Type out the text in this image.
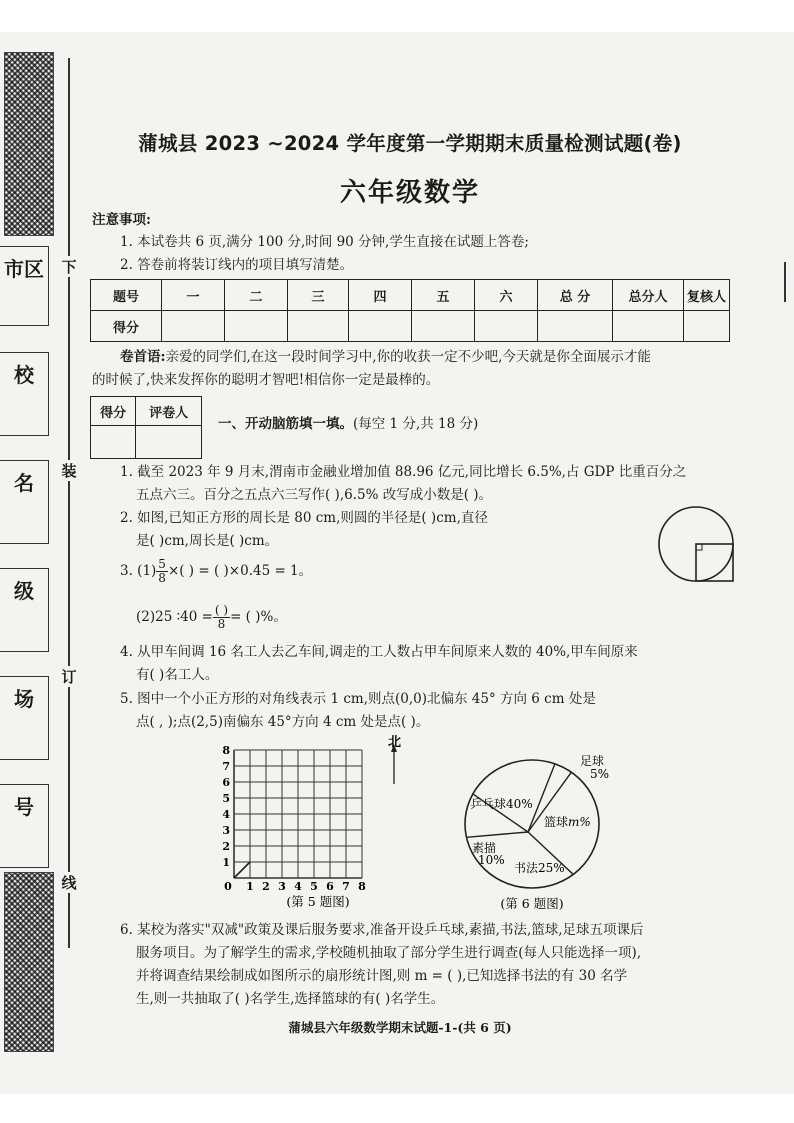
市区
校
名
级
场
号
下
装
订
线
蒲城县 2023 ~2024 学年度第一学期期末质量检测试题(卷)
六年级数学
注意事项:
1. 本试卷共 6 页,满分 100 分,时间 90 分钟,学生直接在试题上答卷;
2. 答卷前将装订线内的项目填写清楚。
题号	一	二	三	四	五	六	总 分	总分人	复核人
得分									
卷首语:亲爱的同学们,在这一段时间学习中,你的收获一定不少吧,今天就是你全面展示才能
的时候了,快来发挥你的聪明才智吧!相信你一定是最棒的。
得分	评卷人

一、开动脑筋填一填。(每空 1 分,共 18 分)
1. 截至 2023 年 9 月末,渭南市金融业增加值 88.96 亿元,同比增长 6.5%,占 GDP 比重百分之
五点六三。百分之五点六三写作( ),6.5% 改写成小数是( )。
2. 如图,已知正方形的周长是 80 cm,则圆的半径是( )cm,直径
是( )cm,周长是( )cm。
3. $(1) \frac{5}{8}$ ×( ) = ( )×0.45 = 1。
(2)25 ∶40 = $\frac{( )}{8}$ = ( )%。
4. 从甲车间调 16 名工人去乙车间,调走的工人数占甲车间原来人数的 40%,甲车间原来
有( )名工人。
5. 图中一个小正方形的对角线表示 1 cm,则点(0,0)北偏东 45° 方向 6 cm 处是
点( , );点(2,5)南偏东 45°方向 4 cm 处是点( )。
0 1 2 3 4 5 6 7 8
1
2
3
4
5
6
7
8
北
(第 5 题图)
足球
5%
篮球m%
书法25%
素描
10%
乒乓球40%
(第 6 题图)
6. 某校为落实"双减"政策及课后服务要求,准备开设乒乓球,素描,书法,篮球,足球五项课后
服务项目。为了解学生的需求,学校随机抽取了部分学生进行调查(每人只能选择一项),
并将调查结果绘制成如图所示的扇形统计图,则 m = ( ),已知选择书法的有 30 名学
生,则一共抽取了( )名学生,选择篮球的有( )名学生。
蒲城县六年级数学期末试题-1-(共 6 页)
